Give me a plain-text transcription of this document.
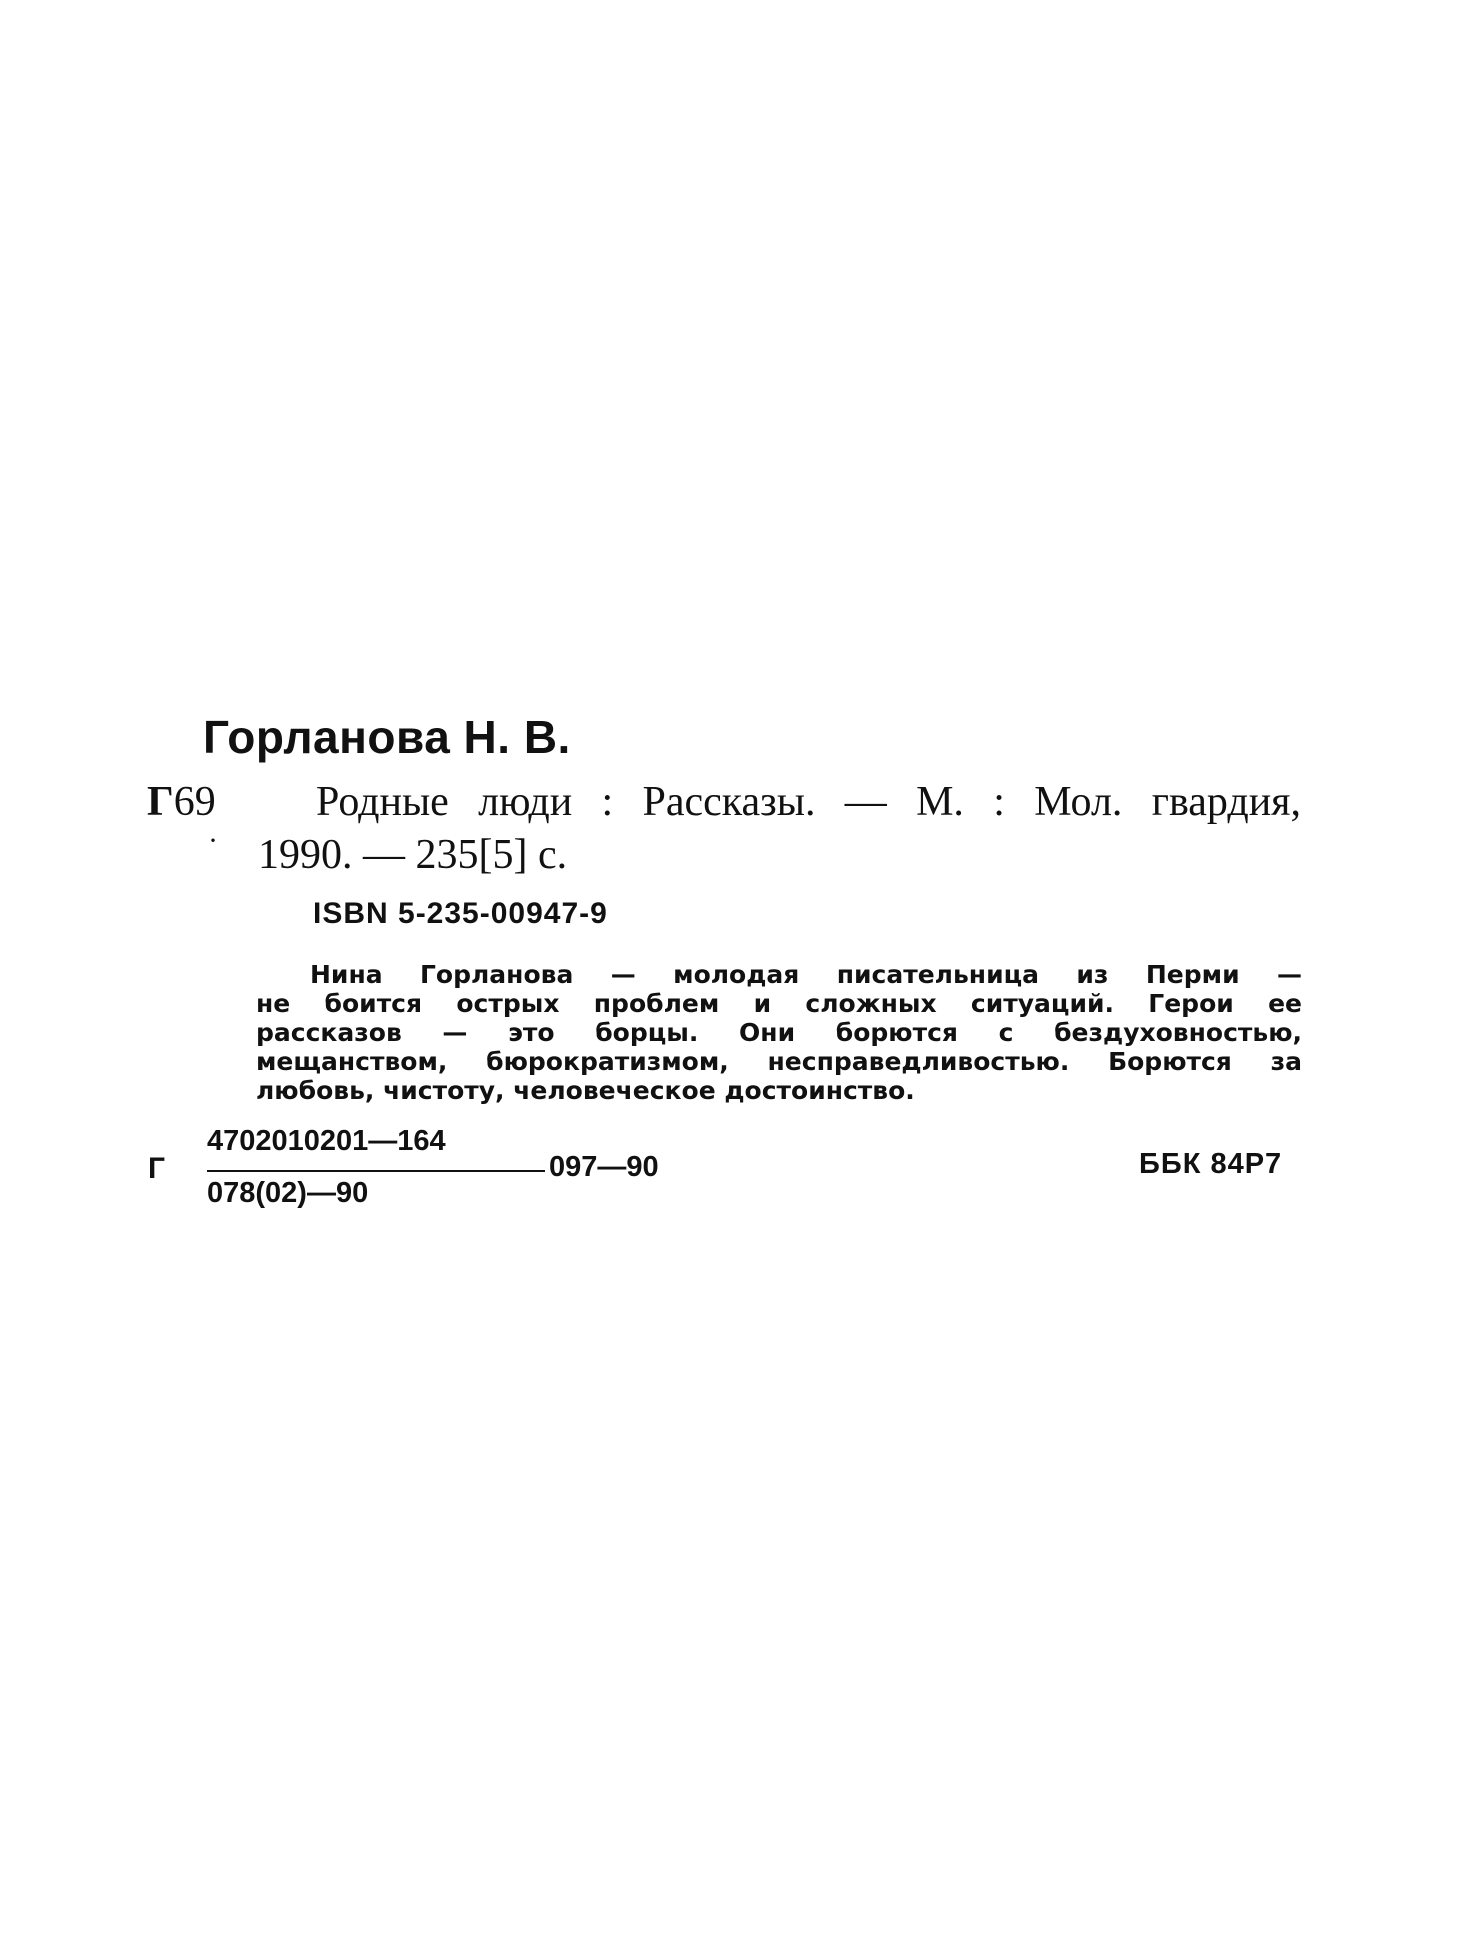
Горланова Н. В.
Г69 Родные люди : Рассказы. — М. : Мол. гвардия,
· 1990. — 235[5] с.
ISBN 5-235-00947-9
Нина Горланова — молодая писательница из Перми —
не боится острых проблем и сложных ситуаций. Герои ее
рассказов — это борцы. Они борются с бездуховностью,
мещанством, бюрократизмом, несправедливостью. Борются за
любовь, чистоту, человеческое достоинство.
Г
4702010201—164
078(02)—90
097—90	ББК 84Р7
